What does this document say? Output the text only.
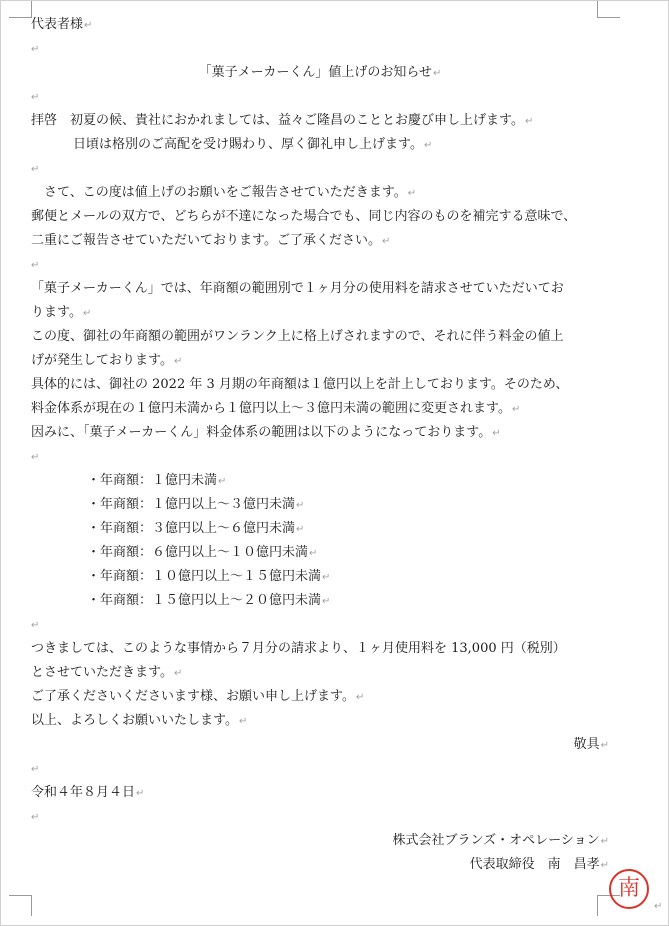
代表者様↵
↵
「菓子メーカーくん」値上げのお知らせ↵
↵
拝啓　初夏の候、貴社におかれましては、益々ご隆昌のこととお慶び申し上げます。↵
日頃は格別のご高配を受け賜わり、厚く御礼申し上げます。↵
↵
　さて、この度は値上げのお願いをご報告させていただきます。↵
郵便とメールの双方で、どちらが不達になった場合でも、同じ内容のものを補完する意味で、
二重にご報告させていただいております。ご了承ください。↵
↵
「菓子メーカーくん」では、年商額の範囲別で１ヶ月分の使用料を請求させていただいてお
ります。↵
この度、御社の年商額の範囲がワンランク上に格上げされますので、それに伴う料金の値上
げが発生しております。↵
具体的には、御社の 2022 年 3 月期の年商額は１億円以上を計上しております。そのため、
料金体系が現在の１億円未満から１億円以上～３億円未満の範囲に変更されます。↵
因みに、「菓子メーカーくん」料金体系の範囲は以下のようになっております。↵
↵
・年商額：１億円未満↵
・年商額：１億円以上～３億円未満↵
・年商額：３億円以上～６億円未満↵
・年商額：６億円以上～１０億円未満↵
・年商額：１０億円以上～１５億円未満↵
・年商額：１５億円以上～２０億円未満↵
↵
つきましては、このような事情から７月分の請求より、１ヶ月使用料を 13,000 円（税別）
とさせていただきます。↵
ご了承くださいくださいます様、お願い申し上げます。↵
以上、よろしくお願いいたします。↵
敬具↵
↵
令和４年８月４日↵
↵
株式会社ブランズ・オペレーション↵
代表取締役　南　昌孝↵
南
↵
